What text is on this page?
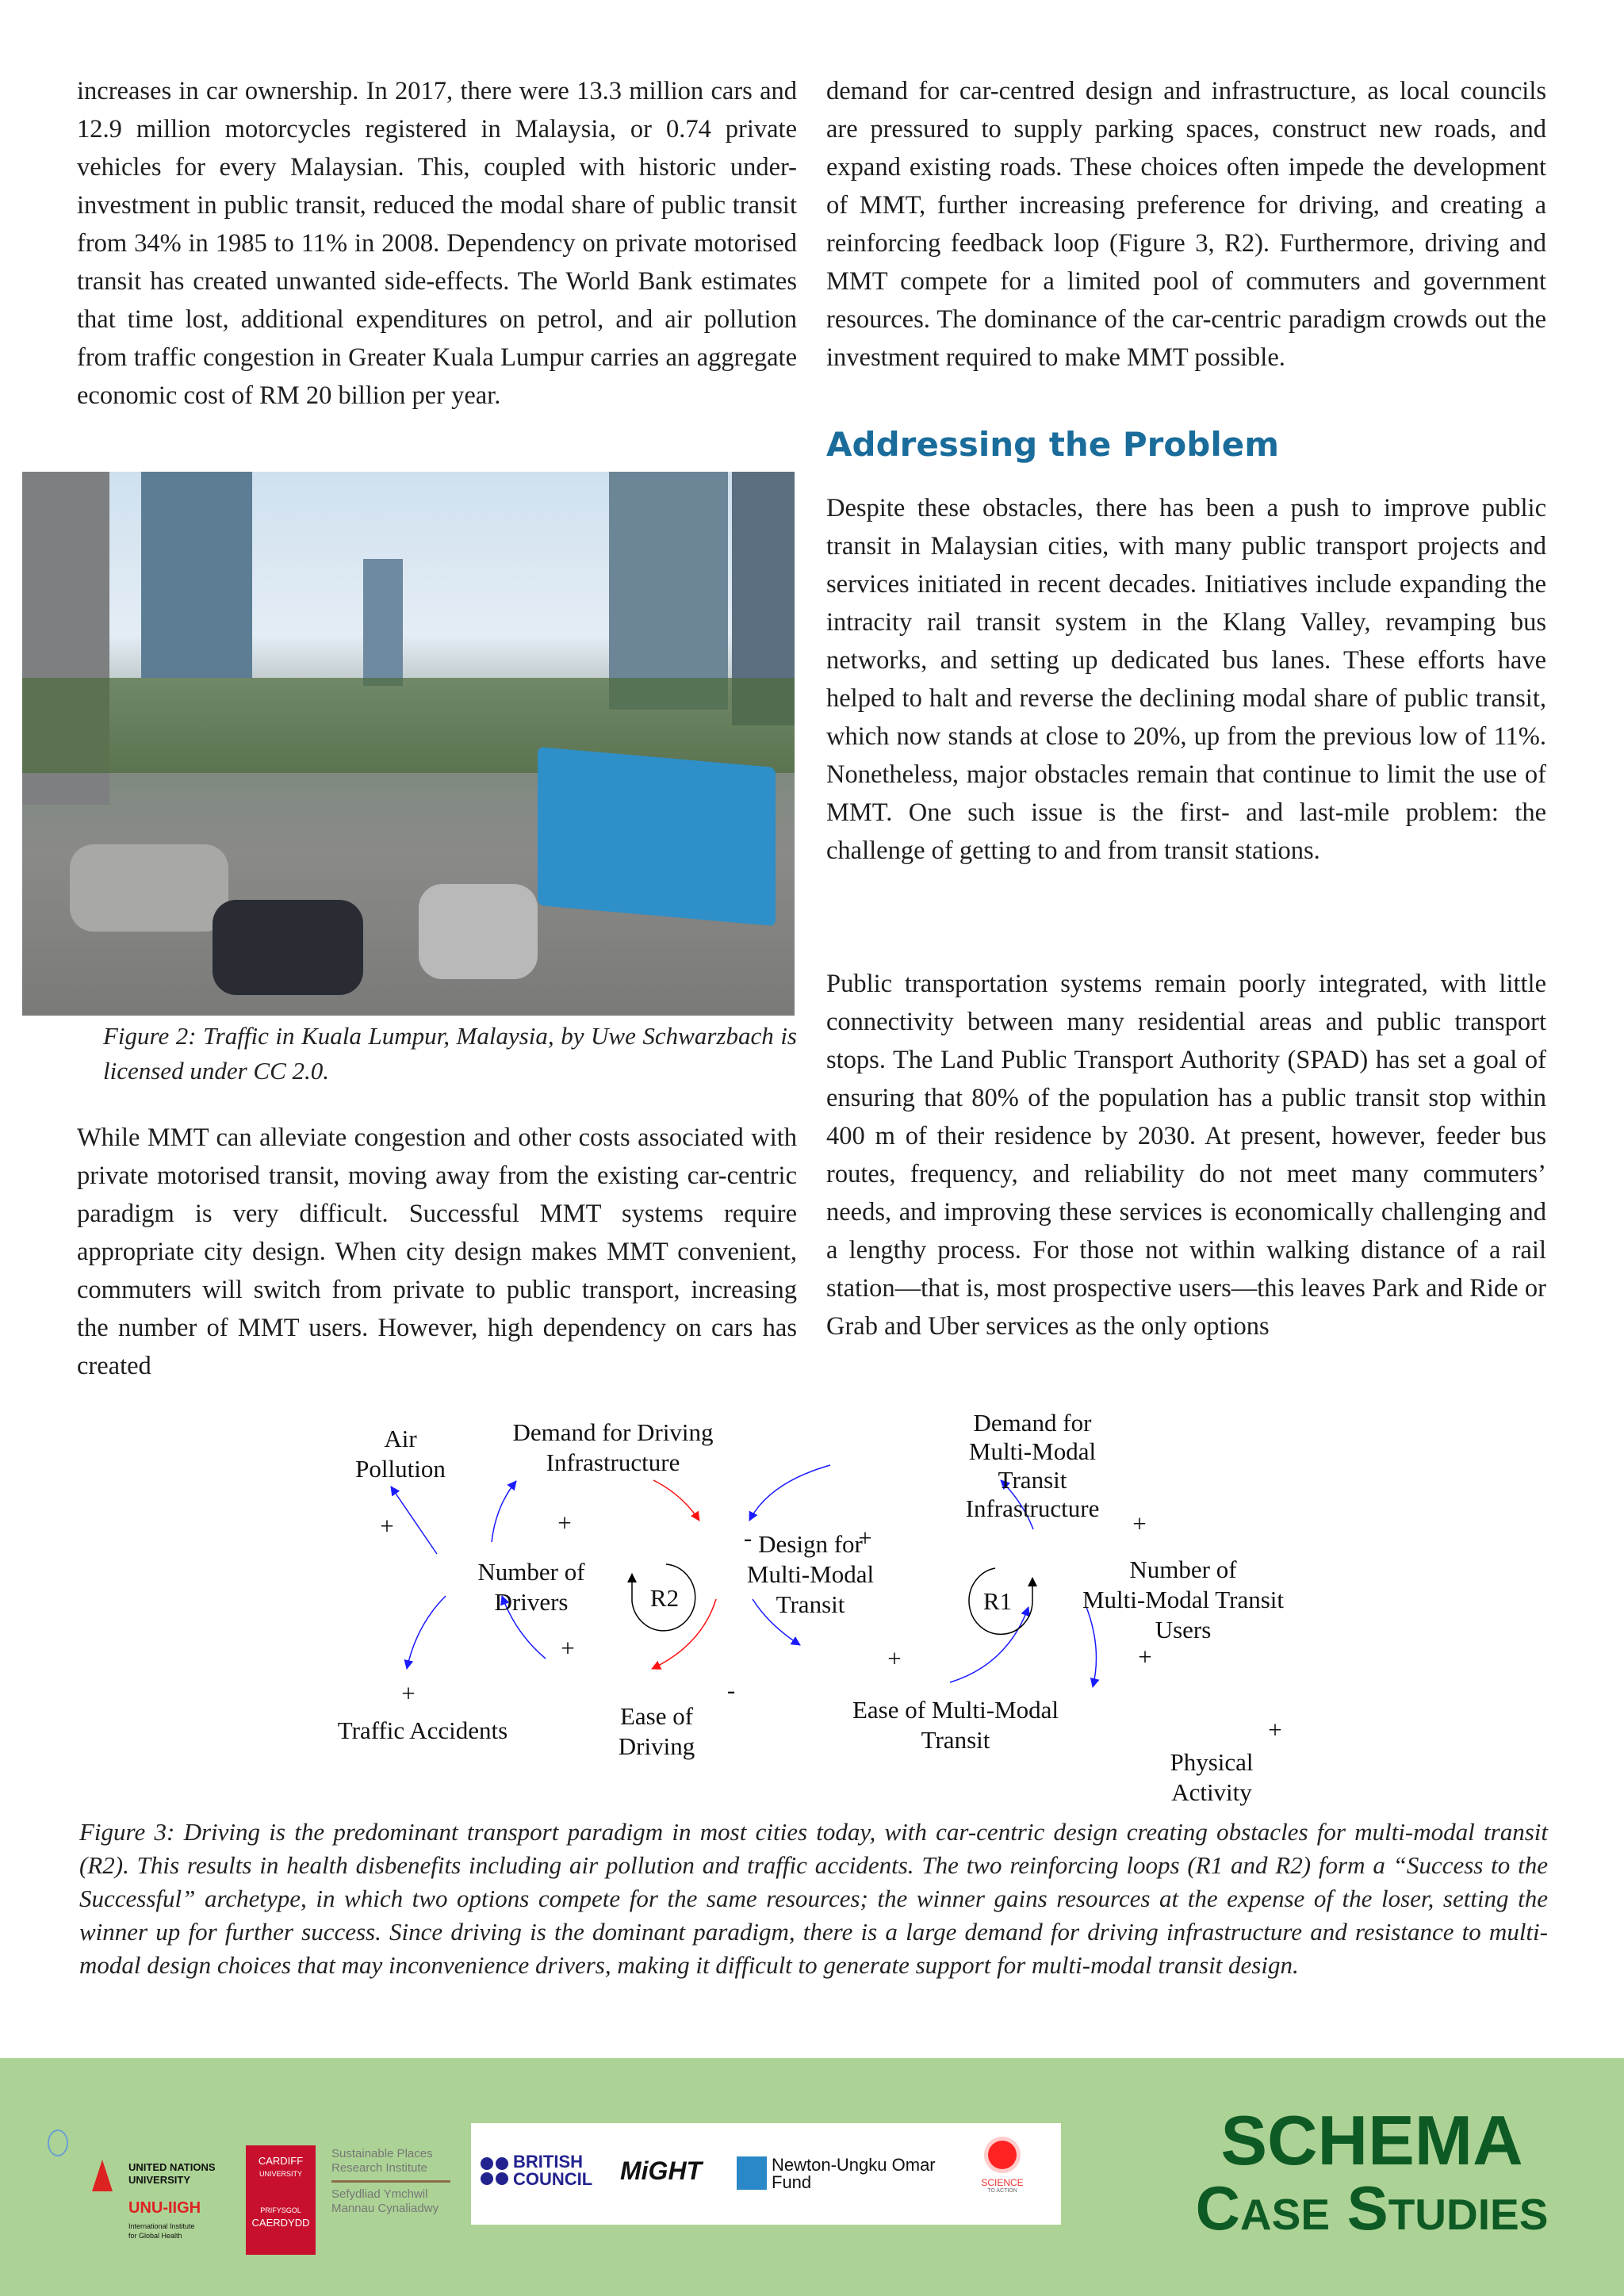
increases in car ownership. In 2017, there were 13.3 million cars and 12.9 million motorcycles registered in Malaysia, or 0.74 private vehicles for every Malaysian. This, coupled with historic under-investment in public transit, reduced the modal share of public transit from 34% in 1985 to 11% in 2008. Dependency on private motorised transit has created unwanted side-effects. The World Bank estimates that time lost, additional expenditures on petrol, and air pollution from traffic congestion in Greater Kuala Lumpur carries an aggregate economic cost of RM 20 billion per year.
Figure 2: Traffic in Kuala Lumpur, Malaysia, by Uwe Schwarzbach is licensed under CC 2.0.
While MMT can alleviate congestion and other costs associated with private motorised transit, moving away from the existing car-centric paradigm is very difficult. Successful MMT systems require appropriate city design. When city design makes MMT convenient, commuters will switch from private to public transport, increasing the number of MMT users. However, high dependency on cars has created
demand for car-centred design and infrastructure, as local councils are pressured to supply parking spaces, construct new roads, and expand existing roads. These choices often impede the development of MMT, further increasing preference for driving, and creating a reinforcing feedback loop (Figure 3, R2). Furthermore, driving and MMT compete for a limited pool of commuters and government resources. The dominance of the car-centric paradigm crowds out the investment required to make MMT possible.
Addressing the Problem
Despite these obstacles, there has been a push to improve public transit in Malaysian cities, with many public transport projects and services initiated in recent decades. Initiatives include expanding the intracity rail transit system in the Klang Valley, revamping bus networks, and setting up dedicated bus lanes. These efforts have helped to halt and reverse the declining modal share of public transit, which now stands at close to 20%, up from the previous low of 11%. Nonetheless, major obstacles remain that continue to limit the use of MMT. One such issue is the first- and last-mile problem: the challenge of getting to and from transit stations.
Public transportation systems remain poorly integrated, with little connectivity between many residential areas and public transport stops. The Land Public Transport Authority (SPAD) has set a goal of ensuring that 80% of the population has a public transit stop within 400 m of their residence by 2030. At present, however, feeder bus routes, frequency, and reliability do not meet many commuters’ needs, and improving these services is economically challenging and a lengthy process. For those not within walking distance of a rail station—that is, most prospective users—this leaves Park and Ride or Grab and Uber services as the only options
Air Pollution
Demand for Driving Infrastructure
Design for Multi-Modal Transit
Demand for Multi-Modal Transit Infrastructure
Number of Drivers
Number of Multi-Modal Transit Users
Traffic Accidents
Ease of Driving
Ease of Multi-Modal Transit
Physical Activity
R2	R1
+	+
+
-
+
+
+	-
+	+
+
Figure 3: Driving is the predominant transport paradigm in most cities today, with car-centric design creating obstacles for multi-modal transit (R2). This results in health disbenefits including air pollution and traffic accidents. The two reinforcing loops (R1 and R2) form a “Success to the Successful” archetype, in which two options compete for the same resources; the winner gains resources at the expense of the loser, setting the winner up for further success. Since driving is the dominant paradigm, there is a large demand for driving infrastructure and resistance to multi-modal design choices that may inconvenience drivers, making it difficult to generate support for multi-modal transit design.
UNITED NATIONS
UNIVERSITY
UNU-IIGH
International Institute
for Global Health
CARDIFF
UNIVERSITY
PRIFYSGOL
CAERDYDD
Sustainable Places
Research Institute
Sefydliad Ymchwil
Mannau Cynaliadwy
SCHEMA
Case Studies
BRITISH
COUNCIL MiGHT	Newton-Ungku Omar
Fund	SCIENCE
TO ACTION
